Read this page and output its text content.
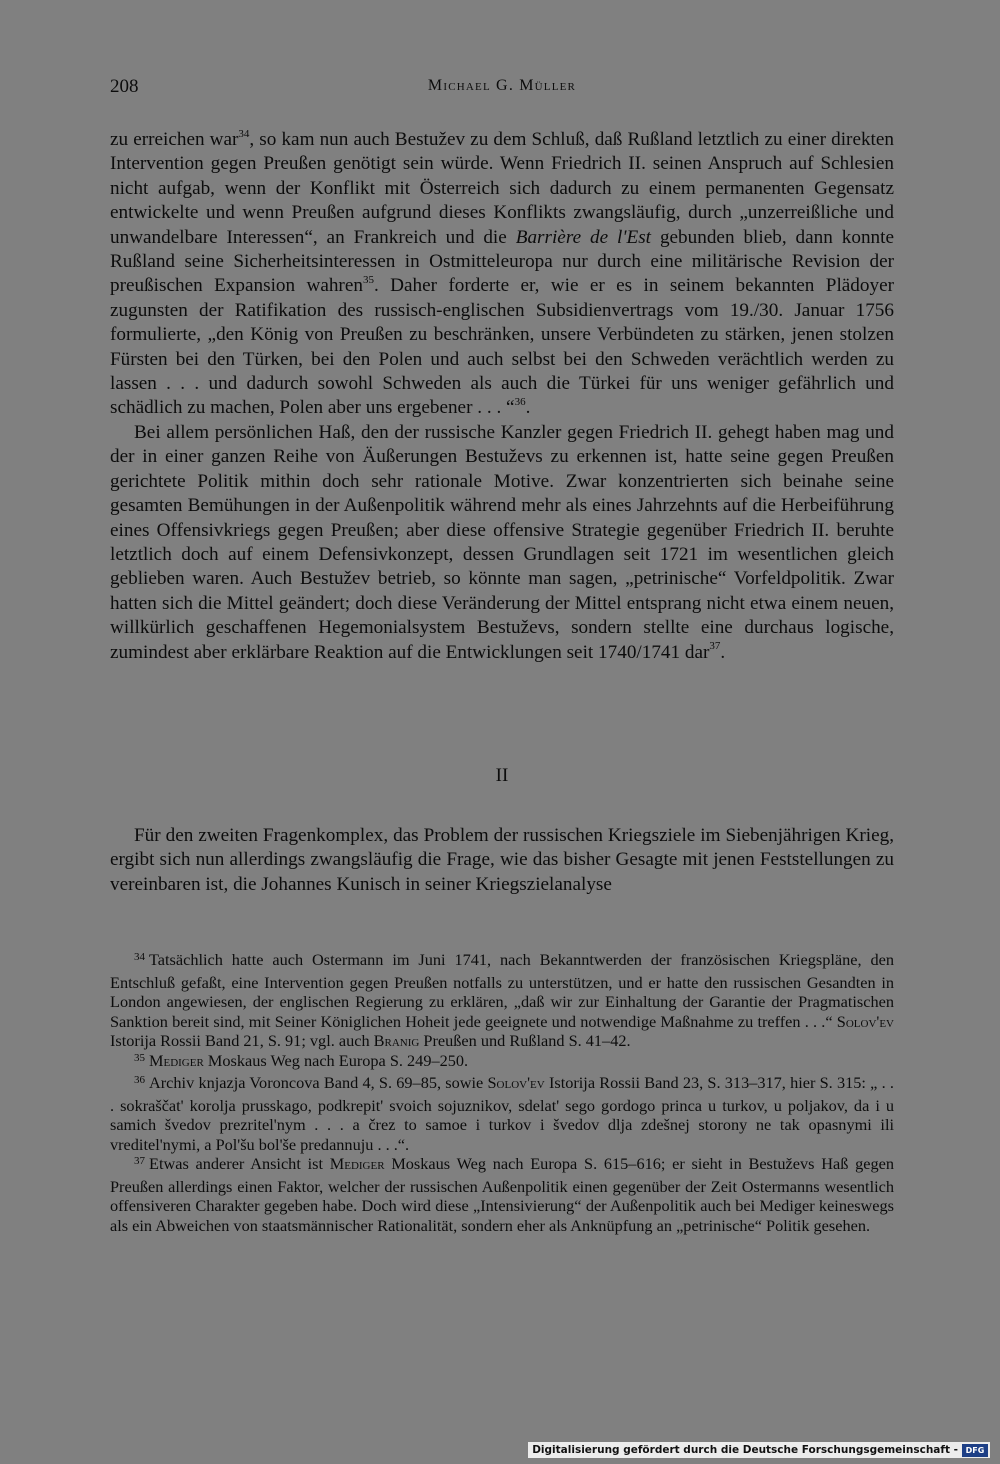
208	Michael G. Müller

zu erreichen war$^{34}$, so kam nun auch Bestužev zu dem Schluß, daß Rußland letztlich zu einer direkten Intervention gegen Preußen genötigt sein würde. Wenn Friedrich II. seinen Anspruch auf Schlesien nicht aufgab, wenn der Konflikt mit Österreich sich dadurch zu einem permanenten Gegensatz entwickelte und wenn Preußen aufgrund dieses Konflikts zwangsläufig, durch „unzerreißliche und unwandelbare Interessen“, an Frankreich und die Barrière de l'Est gebunden blieb, dann konnte Rußland seine Sicherheitsinteressen in Ostmitteleuropa nur durch eine militärische Revision der preußischen Expansion wahren$^{35}$. Daher forderte er, wie er es in seinem bekannten Plädoyer zugunsten der Ratifikation des russisch-englischen Subsidienvertrags vom 19./30. Januar 1756 formulierte, „den König von Preußen zu beschränken, unsere Verbündeten zu stärken, jenen stolzen Fürsten bei den Türken, bei den Polen und auch selbst bei den Schweden verächtlich werden zu lassen . . . und dadurch sowohl Schweden als auch die Türkei für uns weniger gefährlich und schädlich zu machen, Polen aber uns ergebener . . . “$^{36}$.

Bei allem persönlichen Haß, den der russische Kanzler gegen Friedrich II. gehegt haben mag und der in einer ganzen Reihe von Äußerungen Bestuževs zu erkennen ist, hatte seine gegen Preußen gerichtete Politik mithin doch sehr rationale Motive. Zwar konzentrierten sich beinahe seine gesamten Bemühungen in der Außenpolitik während mehr als eines Jahrzehnts auf die Herbeiführung eines Offensivkriegs gegen Preußen; aber diese offensive Strategie gegenüber Friedrich II. beruhte letztlich doch auf einem Defensivkonzept, dessen Grundlagen seit 1721 im wesentlichen gleich geblieben waren. Auch Bestužev betrieb, so könnte man sagen, „petrinische“ Vorfeldpolitik. Zwar hatten sich die Mittel geändert; doch diese Veränderung der Mittel entsprang nicht etwa einem neuen, willkürlich geschaffenen Hegemonialsystem Bestuževs, sondern stellte eine durchaus logische, zumindest aber erklärbare Reaktion auf die Entwicklungen seit 1740/1741 dar$^{37}$.

II

Für den zweiten Fragenkomplex, das Problem der russischen Kriegsziele im Siebenjährigen Krieg, ergibt sich nun allerdings zwangsläufig die Frage, wie das bisher Gesagte mit jenen Feststellungen zu vereinbaren ist, die Johannes Kunisch in seiner Kriegszielanalyse

$^{34}$ Tatsächlich hatte auch Ostermann im Juni 1741, nach Bekanntwerden der französischen Kriegspläne, den Entschluß gefaßt, eine Intervention gegen Preußen notfalls zu unterstützen, und er hatte den russischen Gesandten in London angewiesen, der englischen Regierung zu erklären, „daß wir zur Einhaltung der Garantie der Pragmatischen Sanktion bereit sind, mit Seiner Königlichen Hoheit jede geeignete und notwendige Maßnahme zu treffen . . .“ Solov'ev Istorija Rossii Band 21, S. 91; vgl. auch Branig Preußen und Rußland S. 41–42.

$^{35}$ Mediger Moskaus Weg nach Europa S. 249–250.

$^{36}$ Archiv knjazja Voroncova Band 4, S. 69–85, sowie Solov'ev Istorija Rossii Band 23, S. 313–317, hier S. 315: „ . . . sokraščat' korolja prusskago, podkrepit' svoich sojuznikov, sdelat' sego gordogo princa u turkov, u poljakov, da i u samich švedov prezritel'nym . . . a črez to samoe i turkov i švedov dlja zdešnej storony ne tak opasnymi ili vreditel'nymi, a Pol'šu bol'še predannuju . . .“.

$^{37}$ Etwas anderer Ansicht ist Mediger Moskaus Weg nach Europa S. 615–616; er sieht in Bestuževs Haß gegen Preußen allerdings einen Faktor, welcher der russischen Außenpolitik einen gegenüber der Zeit Ostermanns wesentlich offensiveren Charakter gegeben habe. Doch wird diese „Intensivierung“ der Außenpolitik auch bei Mediger keineswegs als ein Abweichen von staatsmännischer Rationalität, sondern eher als Anknüpfung an „petrinische“ Politik gesehen.

Digitalisierung gefördert durch die Deutsche Forschungsgemeinschaft - DFG
